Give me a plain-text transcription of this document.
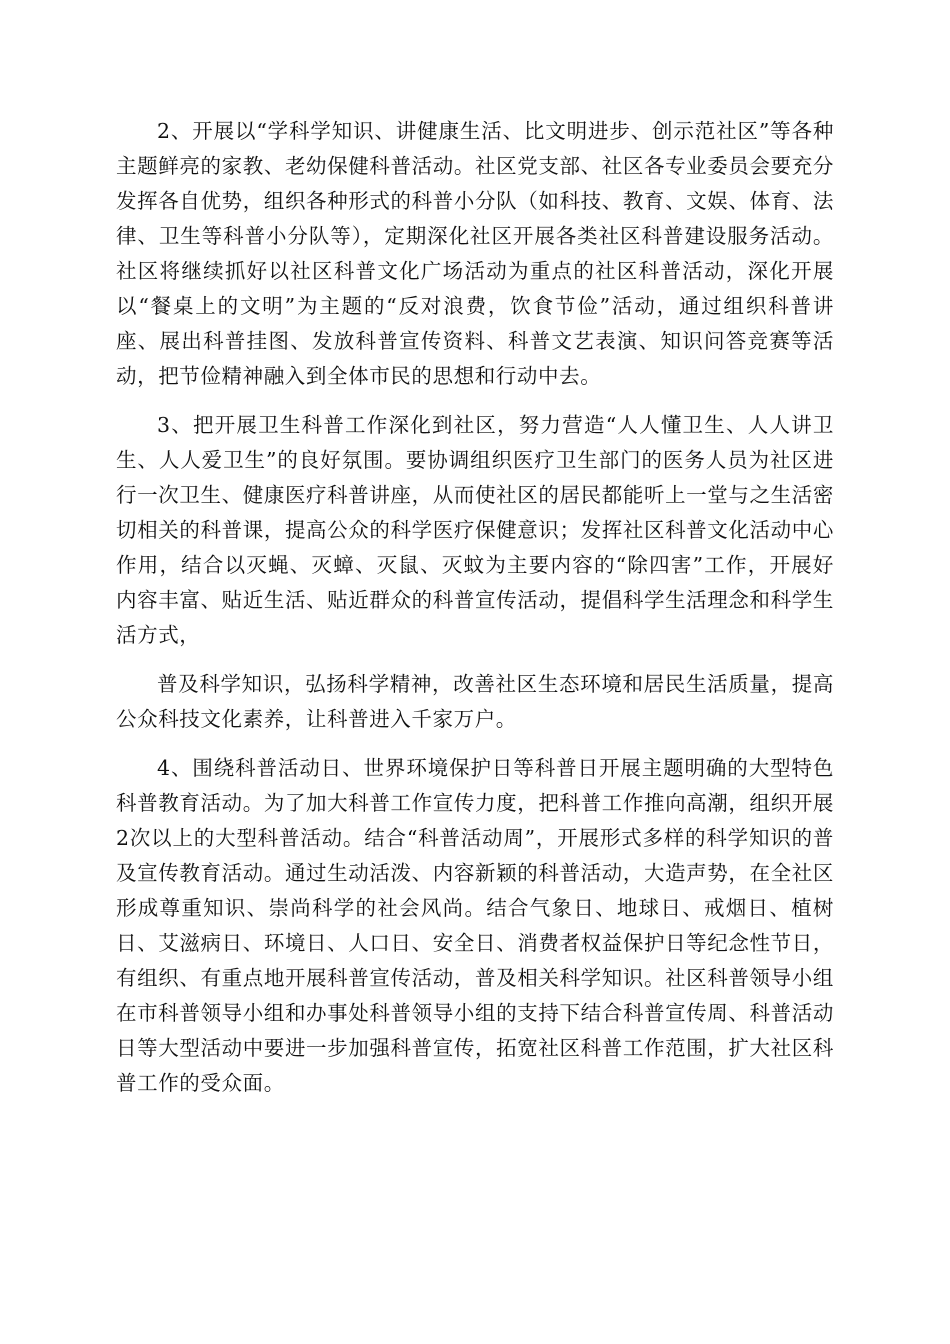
2、开展以“学科学知识、讲健康生活、比文明进步、创示范社区”等各种主题鲜亮的家教、老幼保健科普活动。社区党支部、社区各专业委员会要充分发挥各自优势，组织各种形式的科普小分队（如科技、教育、文娱、体育、法律、卫生等科普小分队等），定期深化社区开展各类社区科普建设服务活动。社区将继续抓好以社区科普文化广场活动为重点的社区科普活动，深化开展以“餐桌上的文明”为主题的“反对浪费，饮食节俭”活动，通过组织科普讲座、展出科普挂图、发放科普宣传资料、科普文艺表演、知识问答竞赛等活动，把节俭精神融入到全体市民的思想和行动中去。

3、把开展卫生科普工作深化到社区，努力营造“人人懂卫生、人人讲卫生、人人爱卫生”的良好氛围。要协调组织医疗卫生部门的医务人员为社区进行一次卫生、健康医疗科普讲座，从而使社区的居民都能听上一堂与之生活密切相关的科普课，提高公众的科学医疗保健意识；发挥社区科普文化活动中心作用，结合以灭蝇、灭蟑、灭鼠、灭蚊为主要内容的“除四害”工作，开展好内容丰富、贴近生活、贴近群众的科普宣传活动，提倡科学生活理念和科学生活方式，

普及科学知识，弘扬科学精神，改善社区生态环境和居民生活质量，提高公众科技文化素养，让科普进入千家万户。

4、围绕科普活动日、世界环境保护日等科普日开展主题明确的大型特色科普教育活动。为了加大科普工作宣传力度，把科普工作推向高潮，组织开展2次以上的大型科普活动。结合“科普活动周”，开展形式多样的科学知识的普及宣传教育活动。通过生动活泼、内容新颖的科普活动，大造声势，在全社区形成尊重知识、崇尚科学的社会风尚。结合气象日、地球日、戒烟日、植树日、艾滋病日、环境日、人口日、安全日、消费者权益保护日等纪念性节日，有组织、有重点地开展科普宣传活动，普及相关科学知识。社区科普领导小组在市科普领导小组和办事处科普领导小组的支持下结合科普宣传周、科普活动日等大型活动中要进一步加强科普宣传，拓宽社区科普工作范围，扩大社区科普工作的受众面。
